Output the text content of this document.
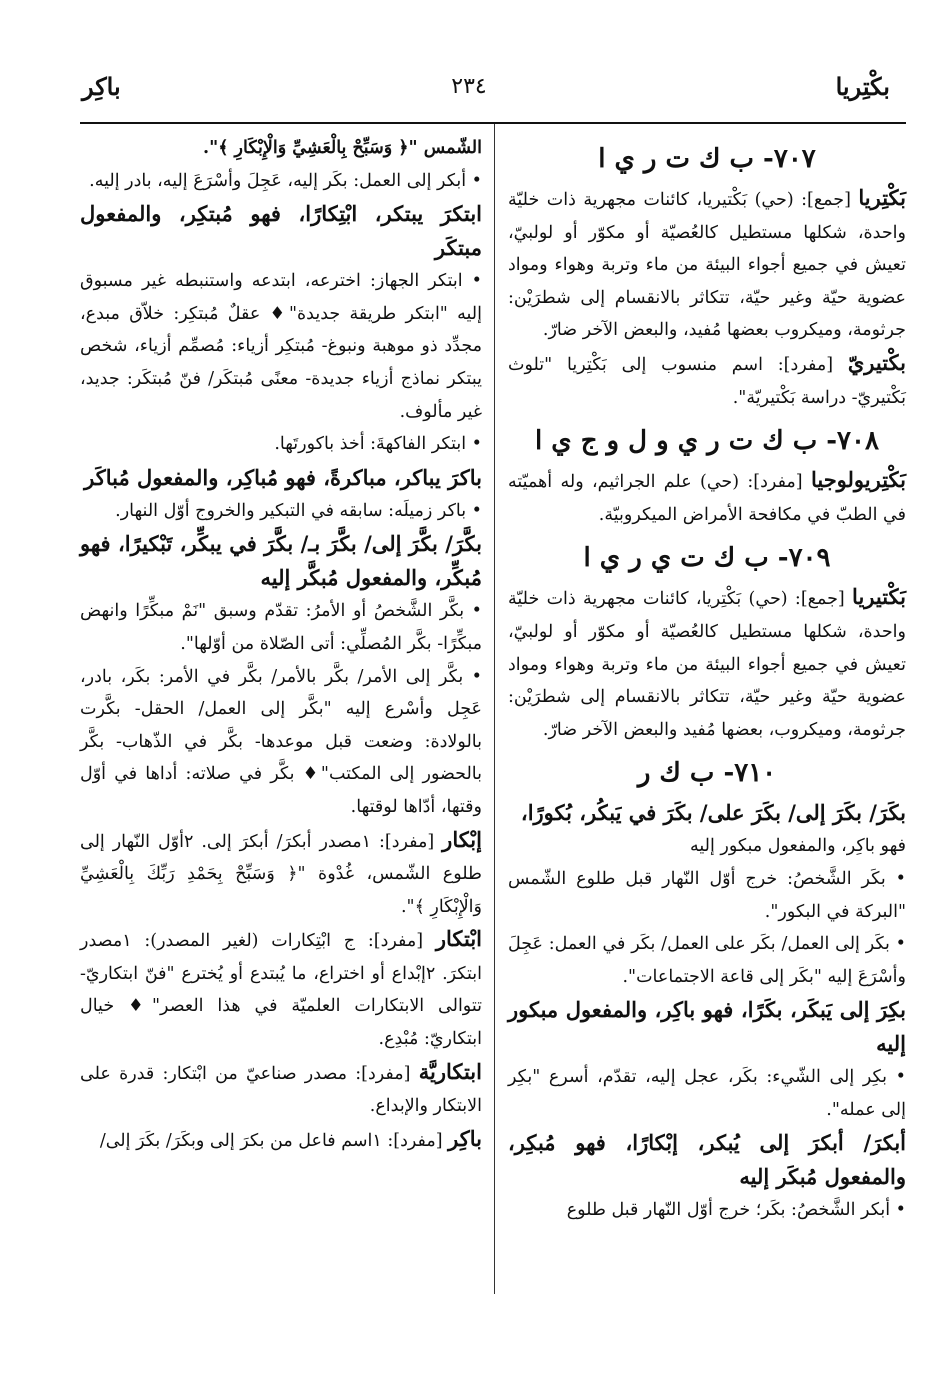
بكْتِريا
٢٣٤
باكِر
٧٠٧- ب ك ت ر ي ا

بَكْتِريا [جمع]: (حي) بَكْتيريا، كائنات مجهرية ذات خليّة واحدة، شكلها مستطيل كالعُصيّة أو مكوّر أو لولبيّ، تعيش في جميع أجواء البيئة من ماء وتربة وهواء ومواد عضوية حيّة وغير حيّة، تتكاثر بالانقسام إلى شطرَيْن: جرثومة، وميكروب بعضها مُفيد، والبعض الآخر ضارّ.

بكْتيريّ [مفرد]: اسم منسوب إلى بَكْتِريا "تلوث بَكْتيريّ- دراسة بَكْتيريّة".

٧٠٨- ب ك ت ر ي و ل و ج ي ا

بَكْتِريولوجيا [مفرد]: (حي) علم الجراثيم، وله أهميّته في الطبّ في مكافحة الأمراض الميكروبيّة.

٧٠٩- ب ك ت ي ر ي ا

بَكْتيريا [جمع]: (حي) بَكْتِريا، كائنات مجهرية ذات خليّة واحدة، شكلها مستطيل كالعُصيّة أو مكوّر أو لولبيّ، تعيش في جميع أجواء البيئة من ماء وتربة وهواء ومواد عضوية حيّة وغير حيّة، تتكاثر بالانقسام إلى شطرَيْن: جرثومة، وميكروب، بعضها مُفيد والبعض الآخر ضارّ.

٧١٠- ب ك ر

بكَرَ/ بكَرَ إلى/ بكَرَ على/ بكَرَ في يَبكُر، بُكورًا،

فهو باكِر، والمفعول مبكور إليه

• بكَر الشَّخصُ: خرج أوّل النّهار قبل طلوع الشّمس "البركة في البكور".

• بكَر إلى العمل/ بكَر على العمل/ بكَر في العمل: عَجِلَ وأسْرَعَ إليه "بكَر إلى قاعة الاجتماعات".

بكِرَ إلى يَبكَر، بكَرًا، فهو باكِر، والمفعول مبكور إليه

• بكِر إلى الشّيء: بكَر، عجل إليه، تقدّم، أسرع "بكِر إلى عمله".

أبكرَ/ أبكرَ إلى يُبكر، إبْكارًا، فهو مُبكِر، والمفعول مُبكَر إليه

• أبكر الشَّخصُ: بكَر؛ خرج أوّل النّهار قبل طلوع

الشّمس "﴿ وَسَبِّحْ بِالْعَشِيِّ وَالْإِبْكَارِ ﴾".

• أبكر إلى العمل: بكَر إليه، عَجِلَ وأسْرَعَ إليه، بادر إليه.

ابتكرَ يبتكر، ابْتِكارًا، فهو مُبتكِر، والمفعول مبتكَر

• ابتكر الجهاز: اخترعه، ابتدعه واستنبطه غير مسبوق إليه "ابتكر طريقة جديدة"♦ عقلٌ مُبتكِر: خلاّق مبدع، مجدِّد ذو موهبة ونبوغ- مُبتكِر أزياء: مُصمِّم أزياء، شخص يبتكر نماذج أزياء جديدة- معنًى مُبتكَر/ فنّ مُبتكَر: جديد، غير مألوف.

• ابتكر الفاكهةَ: أخذ باكورتَها.

باكرَ يباكر، مباكرةً، فهو مُباكِر، والمفعول مُباكَر

• باكر زميلَه: سابقه في التبكير والخروج أوّل النهار.

بكَّرَ/ بكَّرَ إلى/ بكَّرَ بـ/ بكَّرَ في يبكِّر، تَبْكيرًا، فهو مُبكِّر، والمفعول مُبكَّر إليه

• بكَّر الشَّخصُ أو الأمرُ: تقدّم وسبق "نَمْ مبكِّرًا وانهض مبكِّرًا- بكَّر المُصلِّي: أتى الصّلاة من أوّلها".

• بكَّر إلى الأمر/ بكَّر بالأمر/ بكَّر في الأمر: بكَر، بادر، عَجِل وأسْرع إليه "بكَّر إلى العمل/ الحقل- بكَّرت بالولادة: وضعت قبل موعدها- بكَّر في الذّهاب- بكَّر بالحضور إلى المكتب"♦ بكَّر في صلاته: أداها في أوّل وقتها، أدّاها لوقتها.

إبْكار [مفرد]: ١مصدر أبكرَ/ أبكرَ إلى. ٢أوّل النّهار إلى طلوع الشّمس، غُدْوة "﴿ وَسَبِّحْ بِحَمْدِ رَبِّكَ بِالْعَشِيِّ وَالْإِبْكَارِ ﴾".

ابْتكار [مفرد]: ج ابْتِكارات (لغير المصدر): ١مصدر ابتكرَ. ٢إبْداع أو اختراع، ما يُبتدع أو يُخترع "فنّ ابتكاريّ- تتوالى الابتكارات العلميّة في هذا العصر"♦ خيال ابتكاريّ: مُبْدِع.

ابتكاريَّة [مفرد]: مصدر صناعيّ من ابْتكار: قدرة على الابتكار والإبداع.

باكِر [مفرد]: ١اسم فاعل من بكرَ إلى وبكَرَ/ بكَرَ إلى/
